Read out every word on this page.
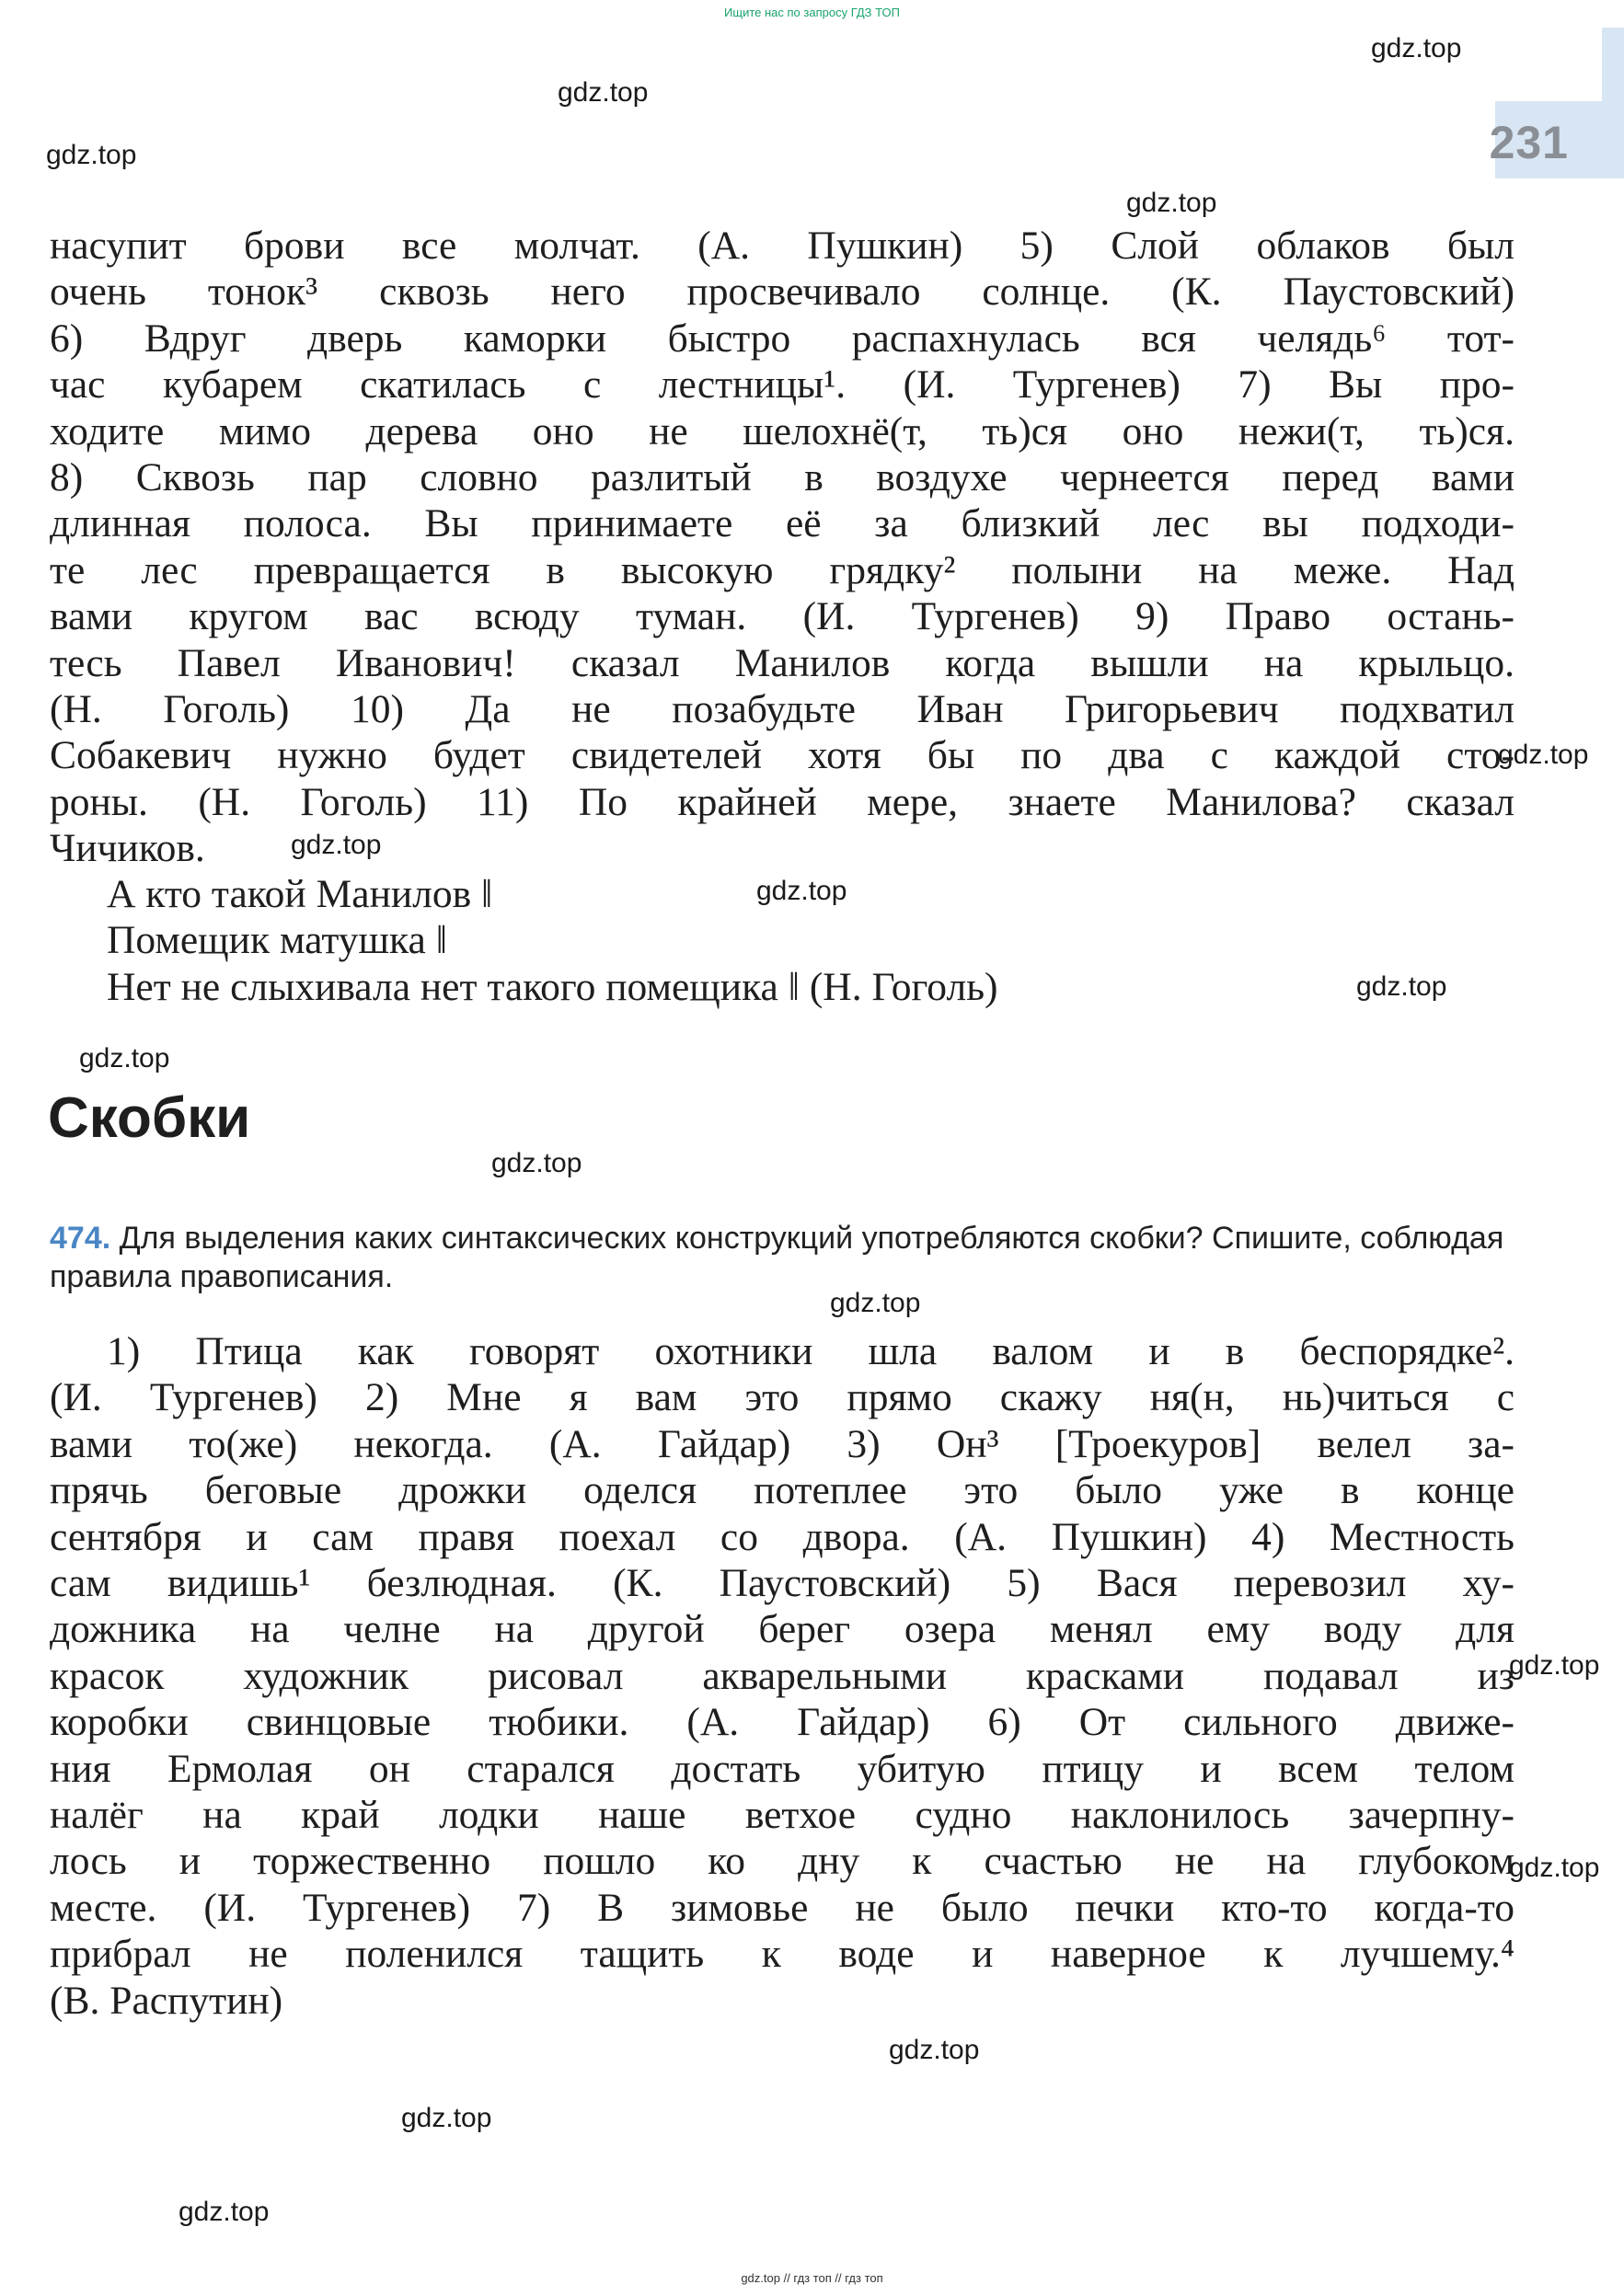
Ищите нас по запросу ГДЗ ТОП
231
gdz.top
gdz.top
gdz.top
gdz.top
gdz.top
gdz.top
gdz.top
gdz.top
gdz.top
gdz.top
gdz.top
gdz.top
gdz.top
gdz.top
gdz.top
gdz.top
насупит брови все молчат. (А. Пушкин) 5) Слой облаков был
очень тонок³ сквозь него просвечивало солнце. (К. Паустовский)
6) Вдруг дверь каморки быстро распахнулась вся челядь⁶ тот-
час кубарем скатилась с лестницы¹. (И. Тургенев) 7) Вы про-
ходите мимо дерева оно не шелохнё(т, ть)ся оно нежи(т, ть)ся.
8) Сквозь пар словно разлитый в воздухе чернеется перед вами
длинная полоса. Вы принимаете её за близкий лес вы подходи-
те лес превращается в высокую грядку² полыни на меже. Над
вами кругом вас всюду туман. (И. Тургенев) 9) Право остань-
тесь Павел Иванович! сказал Манилов когда вышли на крыльцо.
(Н. Гоголь) 10) Да не позабудьте Иван Григорьевич подхватил
Собакевич нужно будет свидетелей хотя бы по два с каждой сто-
роны. (Н. Гоголь) 11) По крайней мере, знаете Манилова? сказал
Чичиков.
А кто такой Манилов ‖
Помещик матушка ‖
Нет не слыхивала нет такого помещика ‖ (Н. Гоголь)
Скобки
474. Для выделения каких синтаксических конструкций употребляются скобки? Спишите, соблюдая правила правописания.
1) Птица как говорят охотники шла валом и в беспорядке².
(И. Тургенев) 2) Мне я вам это прямо скажу ня(н, нь)читься с
вами то(же) некогда. (А. Гайдар) 3) Он³ [Троекуров] велел за-
прячь беговые дрожки оделся потеплее это было уже в конце
сентября и сам правя поехал со двора. (А. Пушкин) 4) Местность
сам видишь¹ безлюдная. (К. Паустовский) 5) Вася перевозил ху-
дожника на челне на другой берег озера менял ему воду для
красок художник рисовал акварельными красками подавал из
коробки свинцовые тюбики. (А. Гайдар) 6) От сильного движе-
ния Ермолая он старался достать убитую птицу и всем телом
налёг на край лодки наше ветхое судно наклонилось зачерпну-
лось и торжественно пошло ко дну к счастью не на глубоком
месте. (И. Тургенев) 7) В зимовье не было печки кто-то когда-то
прибрал не поленился тащить к воде и наверное к лучшему.⁴
(В. Распутин)
gdz.top // гдз топ // гдз топ
